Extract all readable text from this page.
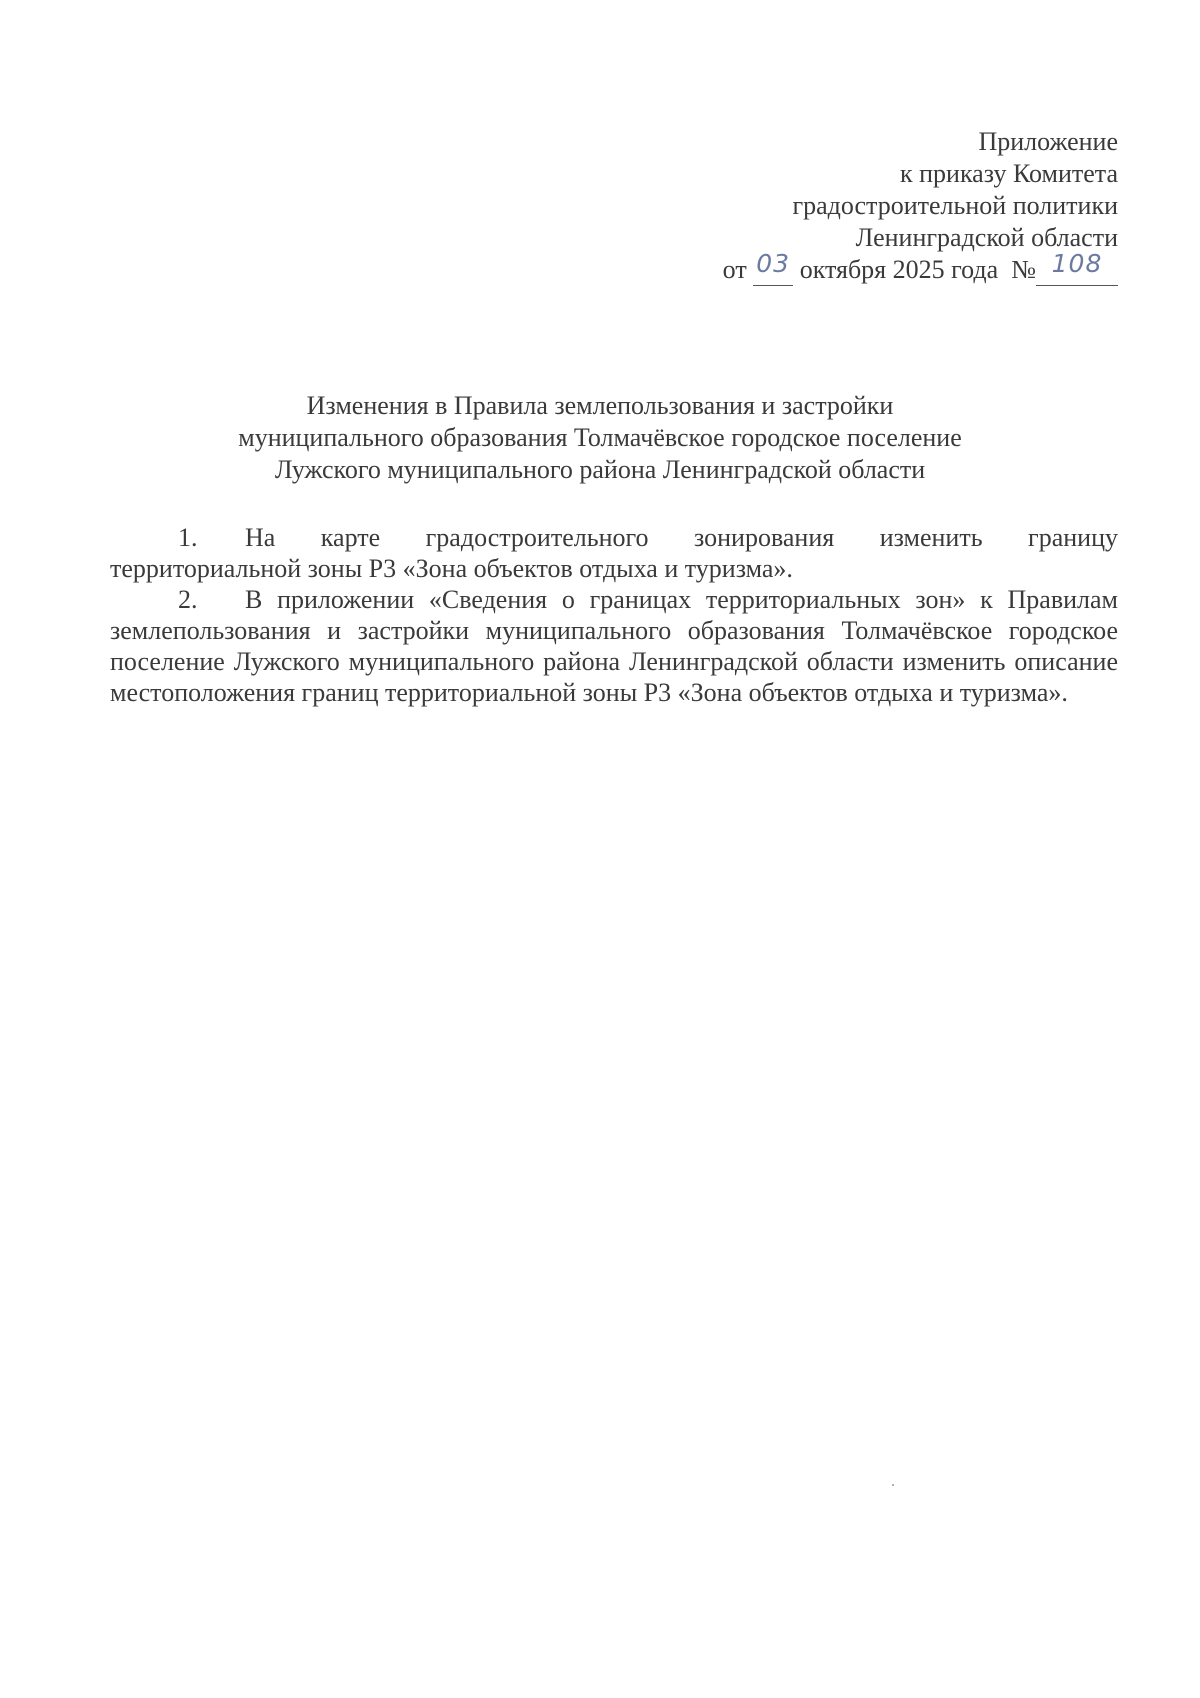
Приложение
к приказу Комитета
градостроительной политики
Ленинградской области
от 03 октября 2025 года № 108
Изменения в Правила землепользования и застройки
муниципального образования Толмачёвское городское поселение
Лужского муниципального района Ленинградской области

1. На карте градостроительного зонирования изменить границу территориальной зоны Р3 «Зона объектов отдыха и туризма».

2. В приложении «Сведения о границах территориальных зон» к Правилам землепользования и застройки муниципального образования Толмачёвское городское поселение Лужского муниципального района Ленинградской области изменить описание местоположения границ территориальной зоны Р3 «Зона объектов отдыха и туризма».
